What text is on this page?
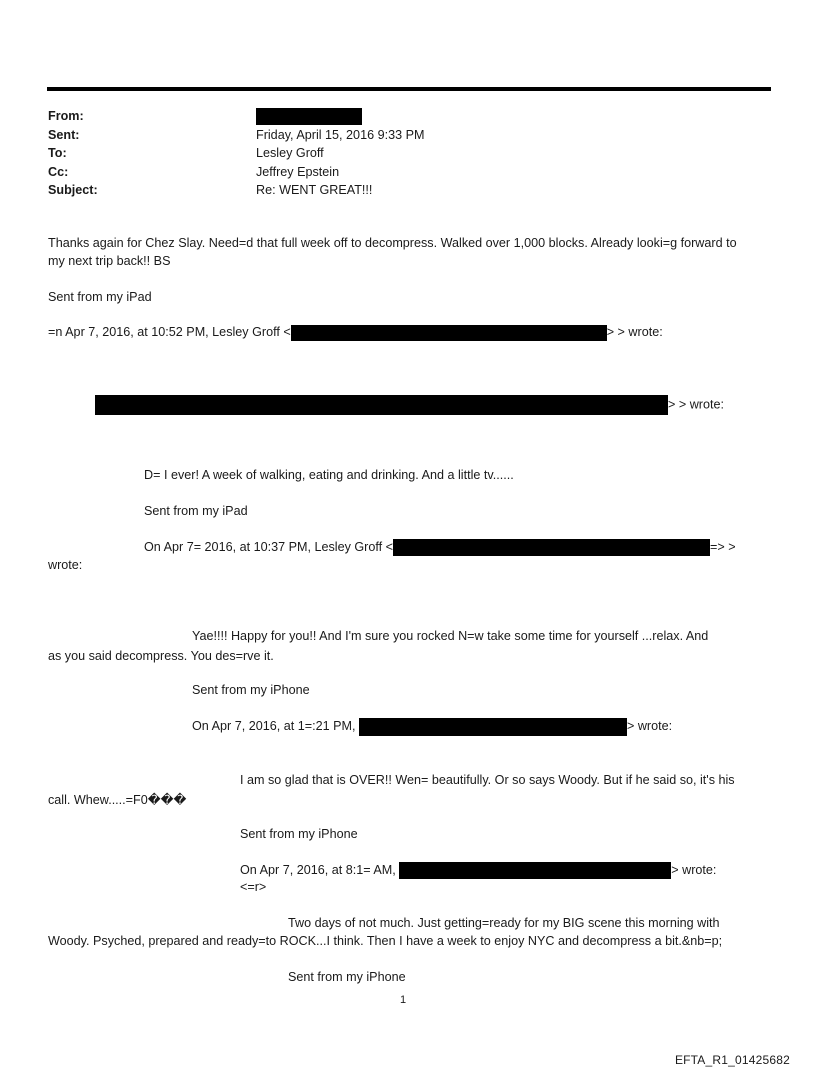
From:
Sent:	Friday, April 15, 2016 9:33 PM
To:	Lesley Groff
Cc:	Jeffrey Epstein
Subject:	Re: WENT GREAT!!!
Thanks again for Chez Slay. Need=d that full week off to decompress. Walked over 1,000 blocks. Already looki=g forward to my next trip back!! BS
Sent from my iPad
=n Apr 7, 2016, at 10:52 PM, Lesley Groff <	> > wrote:
> > wrote:
D= I ever! A week of walking, eating and drinking. And a little tv......
Sent from my iPad
On Apr 7= 2016, at 10:37 PM, Lesley Groff <	=> >
wrote:
Yae!!!! Happy for you!! And I'm sure you rocked N=w take some time for yourself ...relax. And
as you said decompress. You des=rve it.
Sent from my iPhone
On Apr 7, 2016, at 1=:21 PM,	> wrote:
I am so glad that is OVER!! Wen= beautifully. Or so says Woody. But if he said so, it's his
call. Whew.....=F0���
Sent from my iPhone
On Apr 7, 2016, at 8:1= AM,	> wrote:
<=r>
Two days of not much. Just getting=ready for my BIG scene this morning with
Woody. Psyched, prepared and ready=to ROCK...I think. Then I have a week to enjoy NYC and decompress a bit.&nb=p;
Sent from my iPhone
1
EFTA_R1_01425682
